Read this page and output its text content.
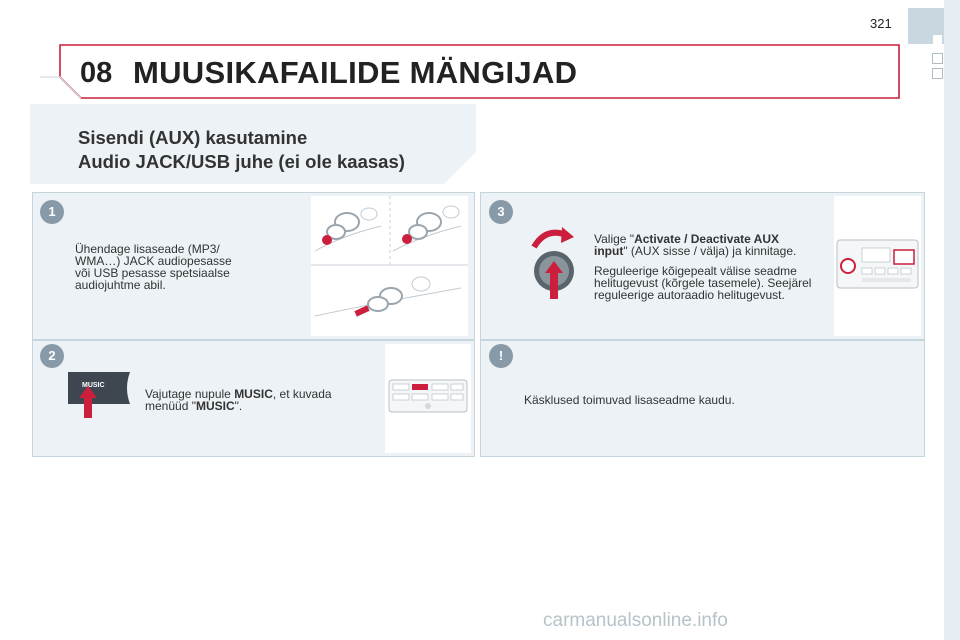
321
08 MUUSIKAFAILIDE MÄNGIJAD
Sisendi (AUX) kasutamine
Audio JACK/USB juhe (ei ole kaasas)
1
Ühendage lisaseade (MP3/
WMA…) JACK audiopesasse
või USB pesasse spetsiaalse
audiojuhtme abil.
2
MUSIC
Vajutage nupule MUSIC, et kuvada
menüüd "MUSIC".
3
Valige "Activate / Deactivate AUX
input" (AUX sisse / välja) ja kinnitage.
Reguleerige kõigepealt välise seadme
helitugevust (kõrgele tasemele). Seejärel
reguleerige autoraadio helitugevust.
!
Käsklused toimuvad lisaseadme kaudu.
carmanualsonline.info
